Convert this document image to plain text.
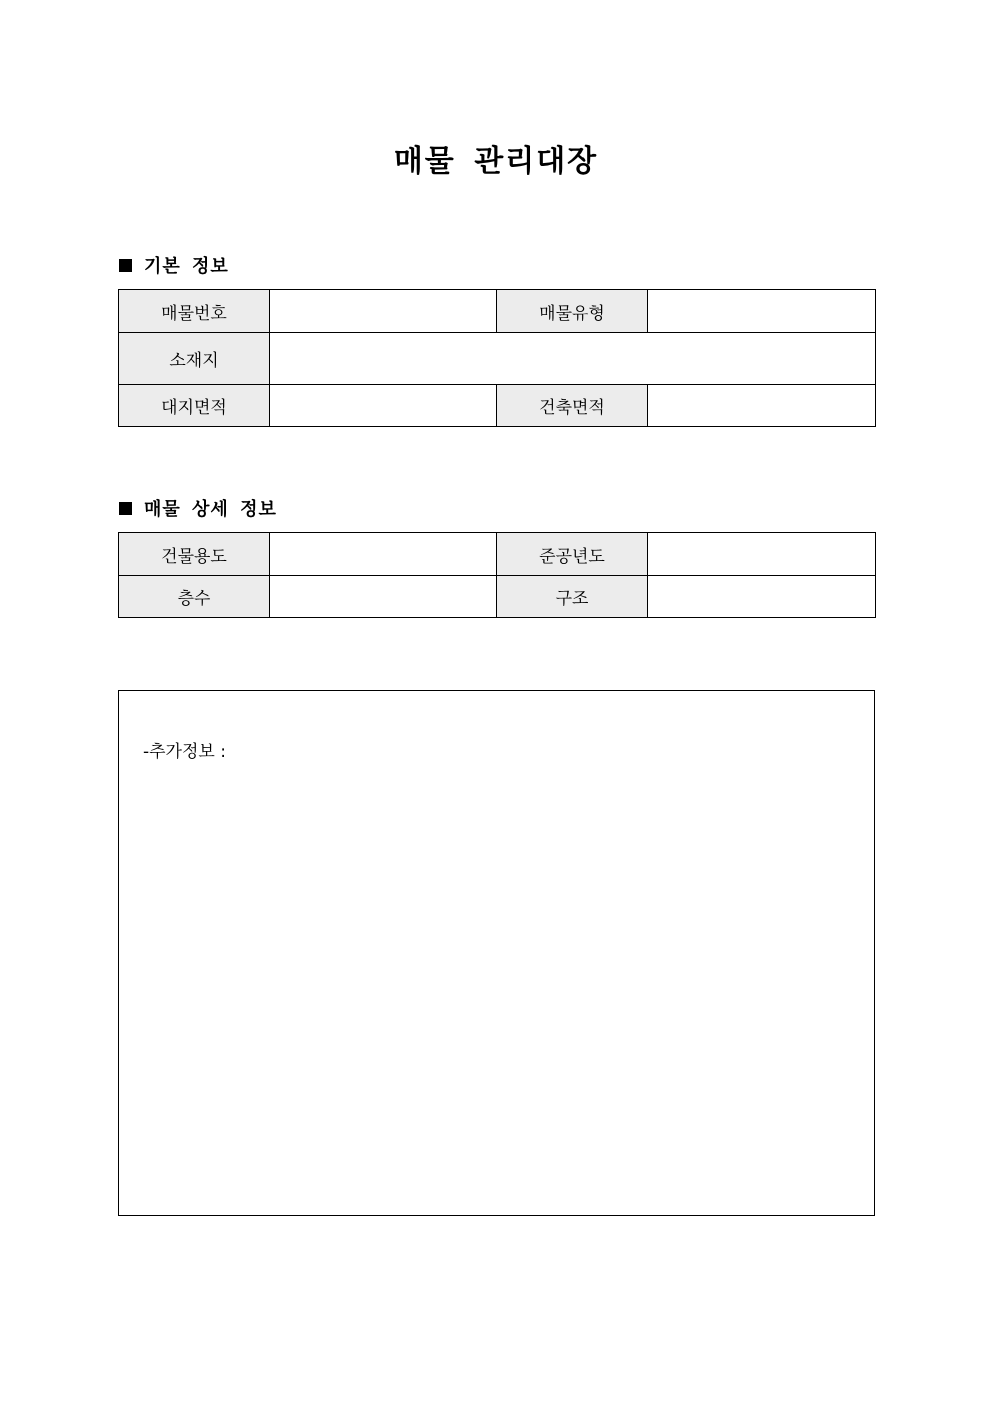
매물 관리대장
기본 정보
매물번호		매물유형	
소재지			
대지면적		건축면적	
매물 상세 정보
건물용도		준공년도	
층수		구조	
-추가정보 :
